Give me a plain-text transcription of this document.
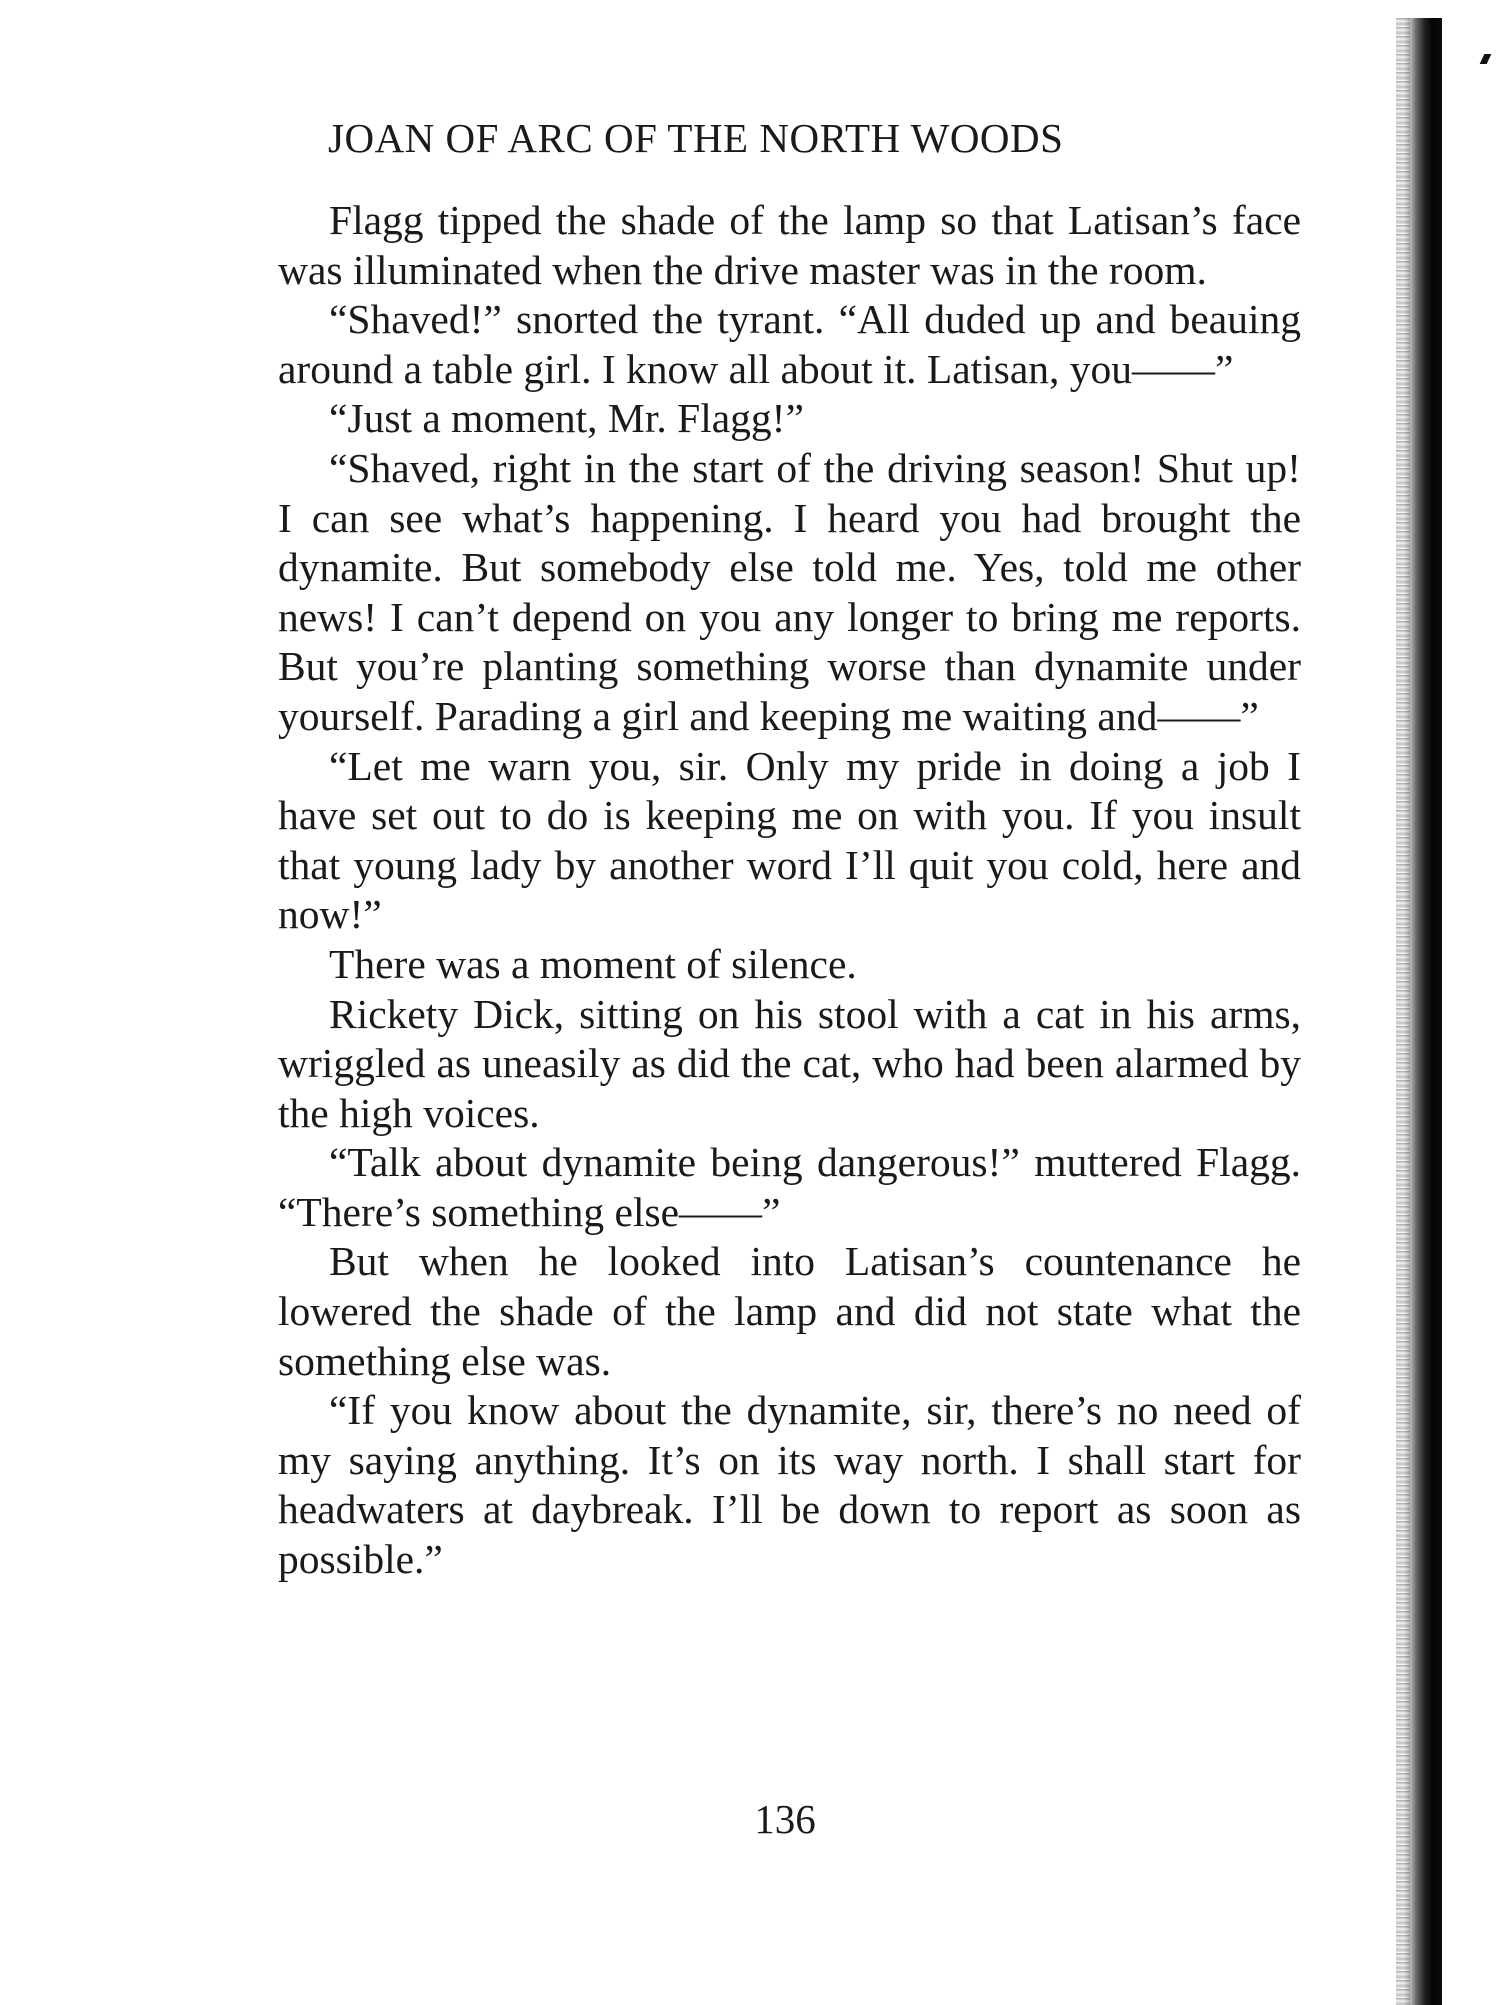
JOAN OF ARC OF THE NORTH WOODS

Flagg tipped the shade of the lamp so that Latisan’s face was illuminated when the drive master was in the room.

“Shaved!” snorted the tyrant. “All duded up and beauing around a table girl. I know all about it. Latisan, you——”

“Just a moment, Mr. Flagg!”

“Shaved, right in the start of the driving season! Shut up! I can see what’s happening. I heard you had brought the dynamite. But somebody else told me. Yes, told me other news! I can’t depend on you any longer to bring me reports. But you’re planting something worse than dynamite under yourself. Parading a girl and keeping me waiting and——”

“Let me warn you, sir. Only my pride in doing a job I have set out to do is keeping me on with you. If you insult that young lady by another word I’ll quit you cold, here and now!”

There was a moment of silence.

Rickety Dick, sitting on his stool with a cat in his arms, wriggled as uneasily as did the cat, who had been alarmed by the high voices.

“Talk about dynamite being dangerous!” muttered Flagg. “There’s something else——”

But when he looked into Latisan’s countenance he lowered the shade of the lamp and did not state what the something else was.

“If you know about the dynamite, sir, there’s no need of my saying anything. It’s on its way north. I shall start for headwaters at daybreak. I’ll be down to report as soon as possible.”

136
